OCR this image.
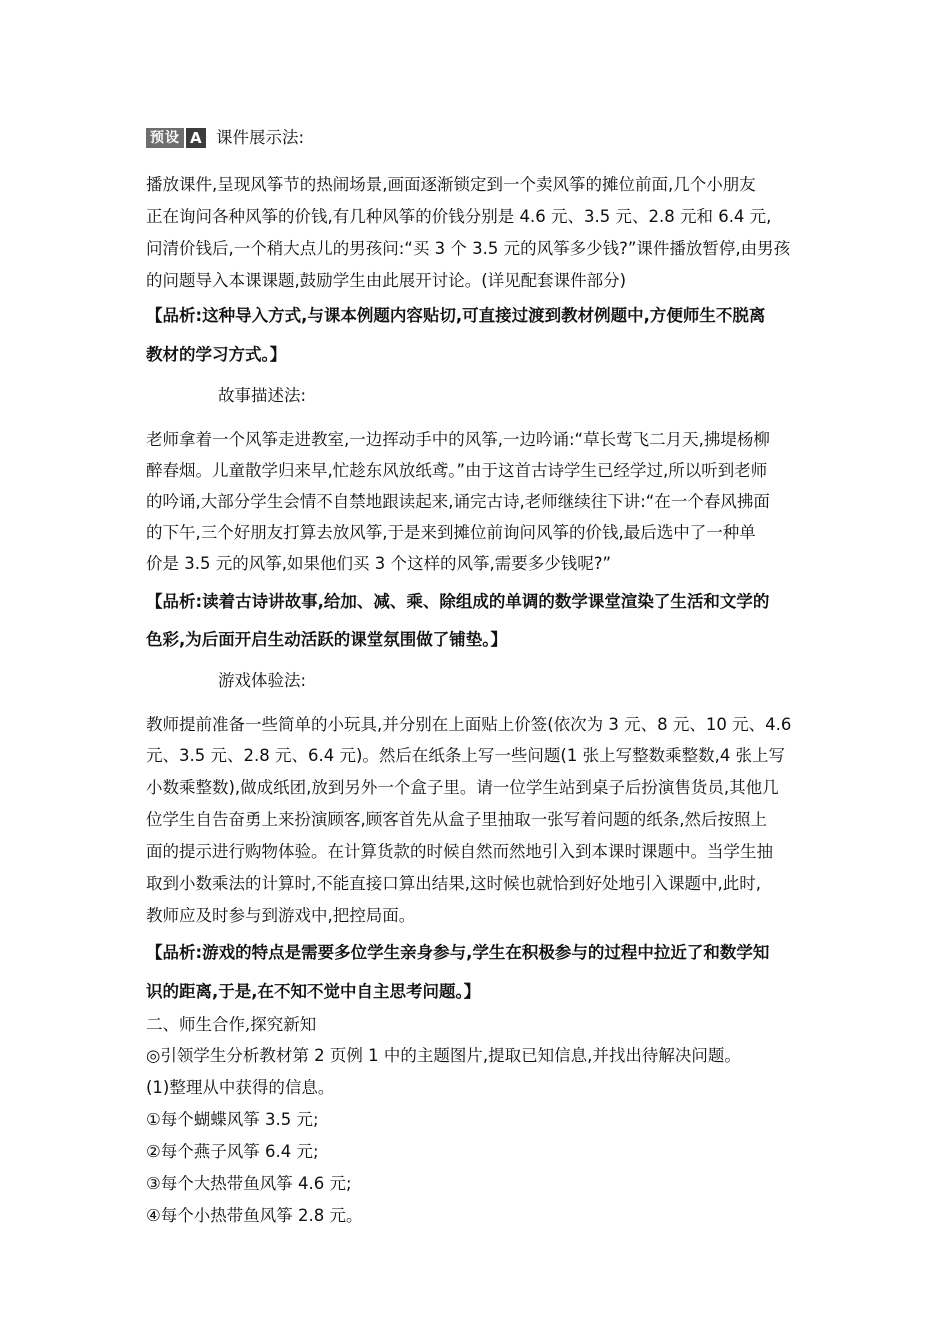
预设 A 课件展示法:
播放课件,呈现风筝节的热闹场景,画面逐渐锁定到一个卖风筝的摊位前面,几个小朋友
正在询问各种风筝的价钱,有几种风筝的价钱分别是 4.6 元、3.5 元、2.8 元和 6.4 元,
问清价钱后,一个稍大点儿的男孩问:“买 3 个 3.5 元的风筝多少钱?”课件播放暂停,由男孩
的问题导入本课课题,鼓励学生由此展开讨论。(详见配套课件部分)
【品析:这种导入方式,与课本例题内容贴切,可直接过渡到教材例题中,方便师生不脱离
教材的学习方式。】
故事描述法:
老师拿着一个风筝走进教室,一边挥动手中的风筝,一边吟诵:“草长莺飞二月天,拂堤杨柳
醉春烟。儿童散学归来早,忙趁东风放纸鸢。”由于这首古诗学生已经学过,所以听到老师
的吟诵,大部分学生会情不自禁地跟读起来,诵完古诗,老师继续往下讲:“在一个春风拂面
的下午,三个好朋友打算去放风筝,于是来到摊位前询问风筝的价钱,最后选中了一种单
价是 3.5 元的风筝,如果他们买 3 个这样的风筝,需要多少钱呢?”
【品析:读着古诗讲故事,给加、减、乘、除组成的单调的数学课堂渲染了生活和文学的
色彩,为后面开启生动活跃的课堂氛围做了铺垫。】
游戏体验法:
教师提前准备一些简单的小玩具,并分别在上面贴上价签(依次为 3 元、8 元、10 元、4.6
元、3.5 元、2.8 元、6.4 元)。然后在纸条上写一些问题(1 张上写整数乘整数,4 张上写
小数乘整数),做成纸团,放到另外一个盒子里。请一位学生站到桌子后扮演售货员,其他几
位学生自告奋勇上来扮演顾客,顾客首先从盒子里抽取一张写着问题的纸条,然后按照上
面的提示进行购物体验。在计算货款的时候自然而然地引入到本课时课题中。当学生抽
取到小数乘法的计算时,不能直接口算出结果,这时候也就恰到好处地引入课题中,此时,
教师应及时参与到游戏中,把控局面。
【品析:游戏的特点是需要多位学生亲身参与,学生在积极参与的过程中拉近了和数学知
识的距离,于是,在不知不觉中自主思考问题。】
二、师生合作,探究新知
◎引领学生分析教材第 2 页例 1 中的主题图片,提取已知信息,并找出待解决问题。
(1)整理从中获得的信息。
①每个蝴蝶风筝 3.5 元;
②每个燕子风筝 6.4 元;
③每个大热带鱼风筝 4.6 元;
④每个小热带鱼风筝 2.8 元。
